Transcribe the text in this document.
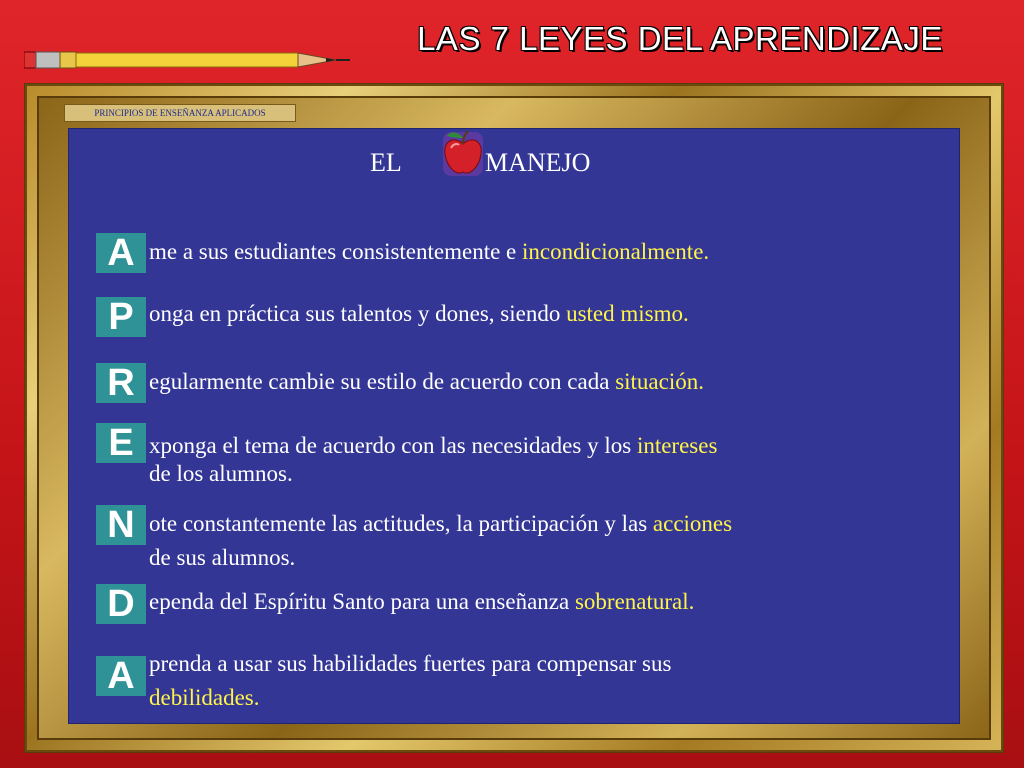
LAS 7 LEYES DEL APRENDIZAJE
PRINCIPIOS DE ENSEÑANZA APLICADOS
EL	MANEJO
A me a sus estudiantes consistentemente e incondicionalmente.
P onga en práctica sus talentos y dones, siendo usted mismo.
R egularmente cambie su estilo de acuerdo con cada situación.
E xponga el tema de acuerdo con las necesidades y los intereses
de los alumnos.
N ote constantemente las actitudes, la participación y las acciones
de sus alumnos.
D ependa del Espíritu Santo para una enseñanza sobrenatural.
A prenda a usar sus habilidades fuertes para compensar sus
debilidades.
